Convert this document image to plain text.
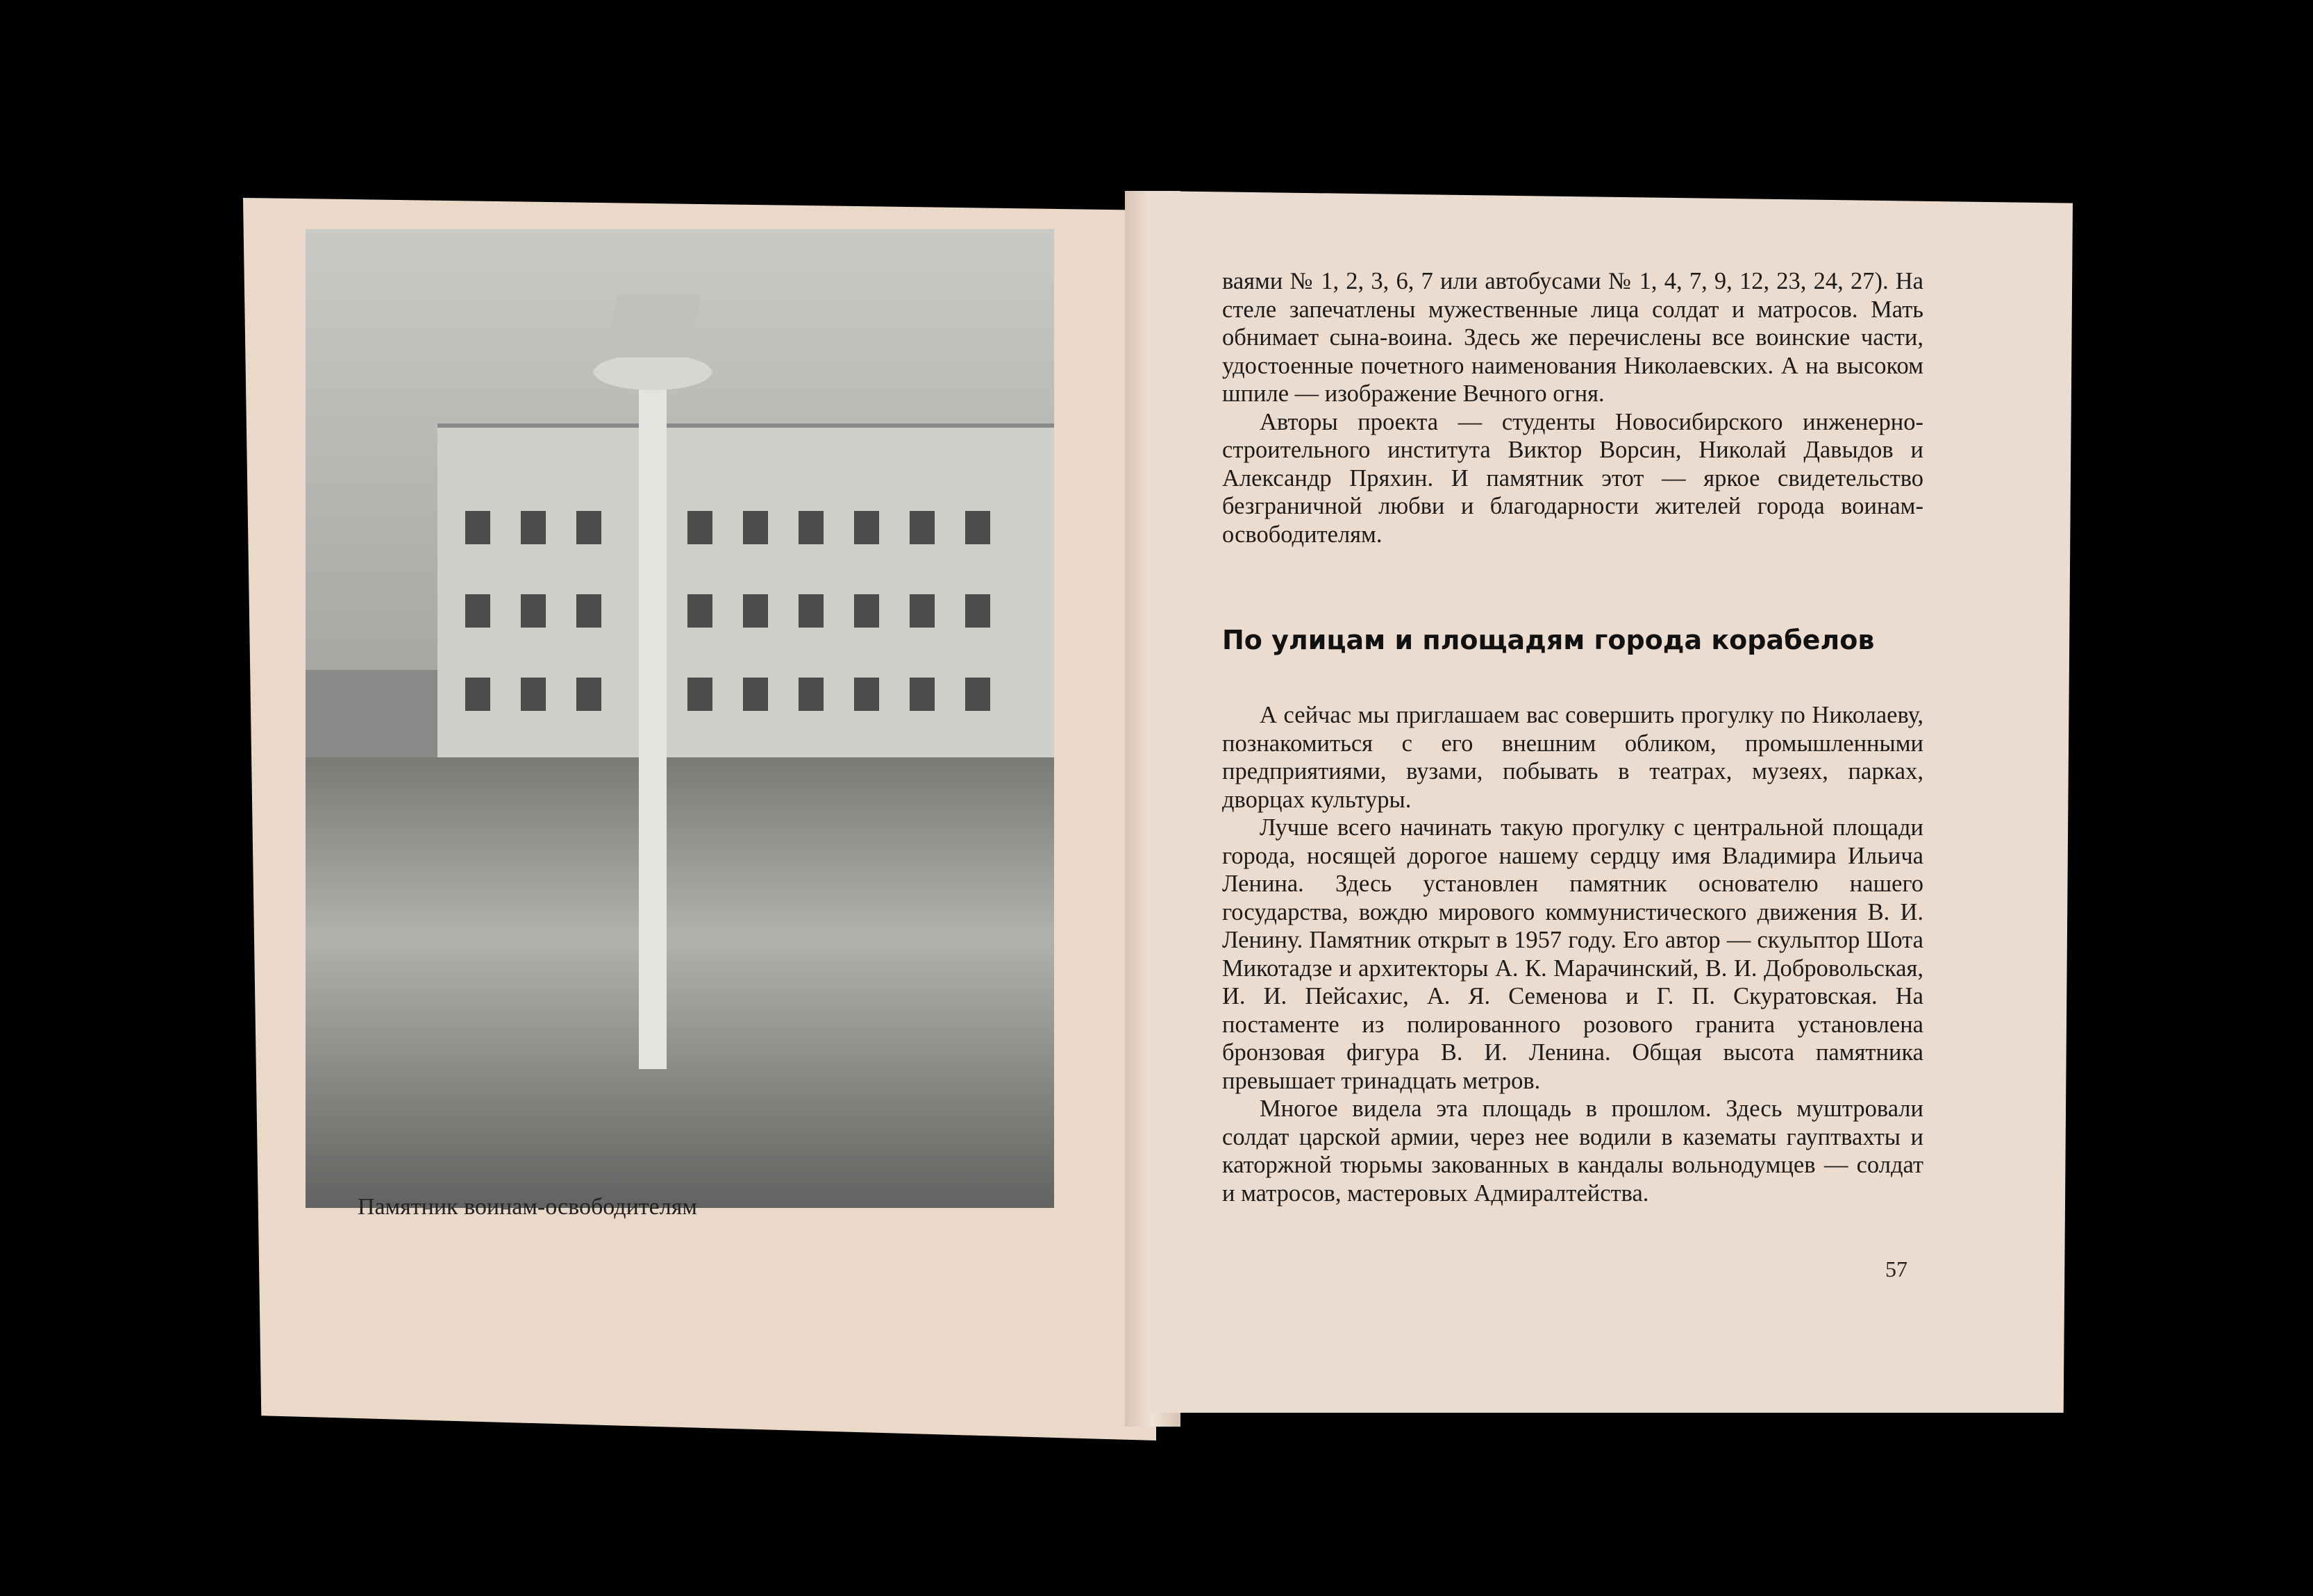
Памятник воинам-освободителям

ваями № 1, 2, 3, 6, 7 или автобусами № 1, 4, 7, 9, 12, 23, 24, 27). На стеле запечатлены мужественные лица солдат и матросов. Мать обнимает сына-воина. Здесь же перечислены все воинские части, удостоенные почетного наименования Николаевских. А на высоком шпиле — изображение Вечного огня.

Авторы проекта — студенты Новосибирского инженерно-строительного института Виктор Ворсин, Николай Давыдов и Александр Пряхин. И памятник этот — яркое свидетельство безграничной любви и благодарности жителей города воинам-освободителям.

По улицам и площадям города корабелов

А сейчас мы приглашаем вас совершить прогулку по Николаеву, познакомиться с его внешним обликом, промышленными предприятиями, вузами, побывать в театрах, музеях, парках, дворцах культуры.

Лучше всего начинать такую прогулку с центральной площади города, носящей дорогое нашему сердцу имя Владимира Ильича Ленина. Здесь установлен памятник основателю нашего государства, вождю мирового коммунистического движения В. И. Ленину. Памятник открыт в 1957 году. Его автор — скульптор Шота Микотадзе и архитекторы А. К. Марачинский, В. И. Добровольская, И. И. Пейсахис, А. Я. Семенова и Г. П. Скуратовская. На постаменте из полированного розового гранита установлена бронзовая фигура В. И. Ленина. Общая высота памятника превышает тринадцать метров.

Многое видела эта площадь в прошлом. Здесь муштровали солдат царской армии, через нее водили в казематы гауптвахты и каторжной тюрьмы закованных в кандалы вольнодумцев — солдат и матросов, мастеровых Адмиралтейства.

57
